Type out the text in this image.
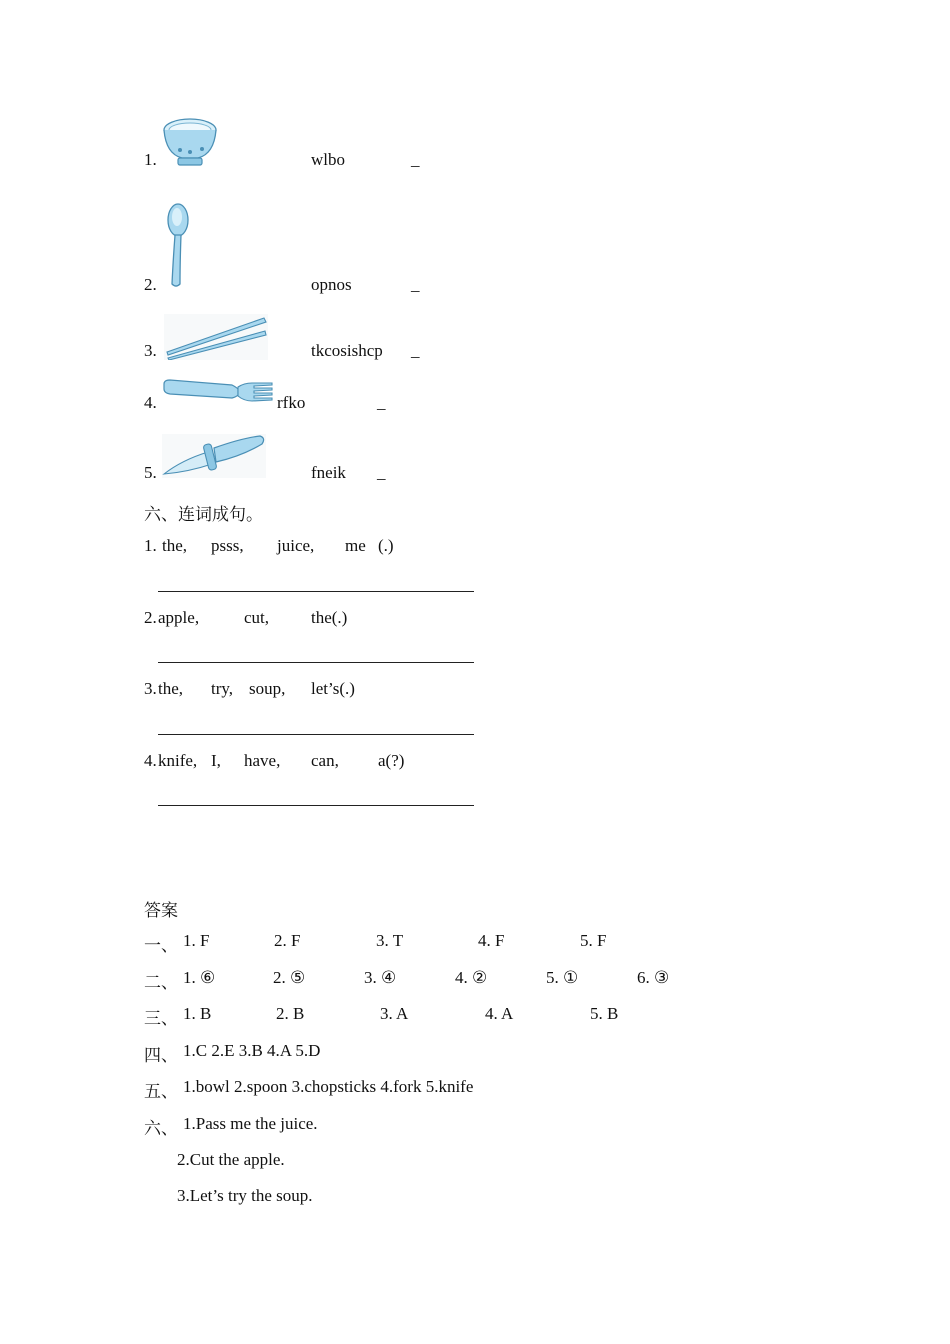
1.	wlbo	_
2.	opnos	_
3.	tkcosishcp _
4.	rfko	_
5.	fneik _
六、连词成句。
1. the, psss, juice, me (.)
2. apple,	cut, the(.)
3. the, try, soup, let’s(.)
4. knife, I, have, can, a(?)
答案
一、 1. F	2. F	3. T	4. F	5. F
二、 1. ⑥	2. ⑤	3. ④	4. ②	5. ①	6. ③
三、 1. B	2. B	3. A	4. A	5. B
四、 1.C 2.E 3.B 4.A 5.D
五、 1.bowl 2.spoon 3.chopsticks 4.fork 5.knife
六、 1.Pass me the juice.
2.Cut the apple.
3.Let’s try the soup.
